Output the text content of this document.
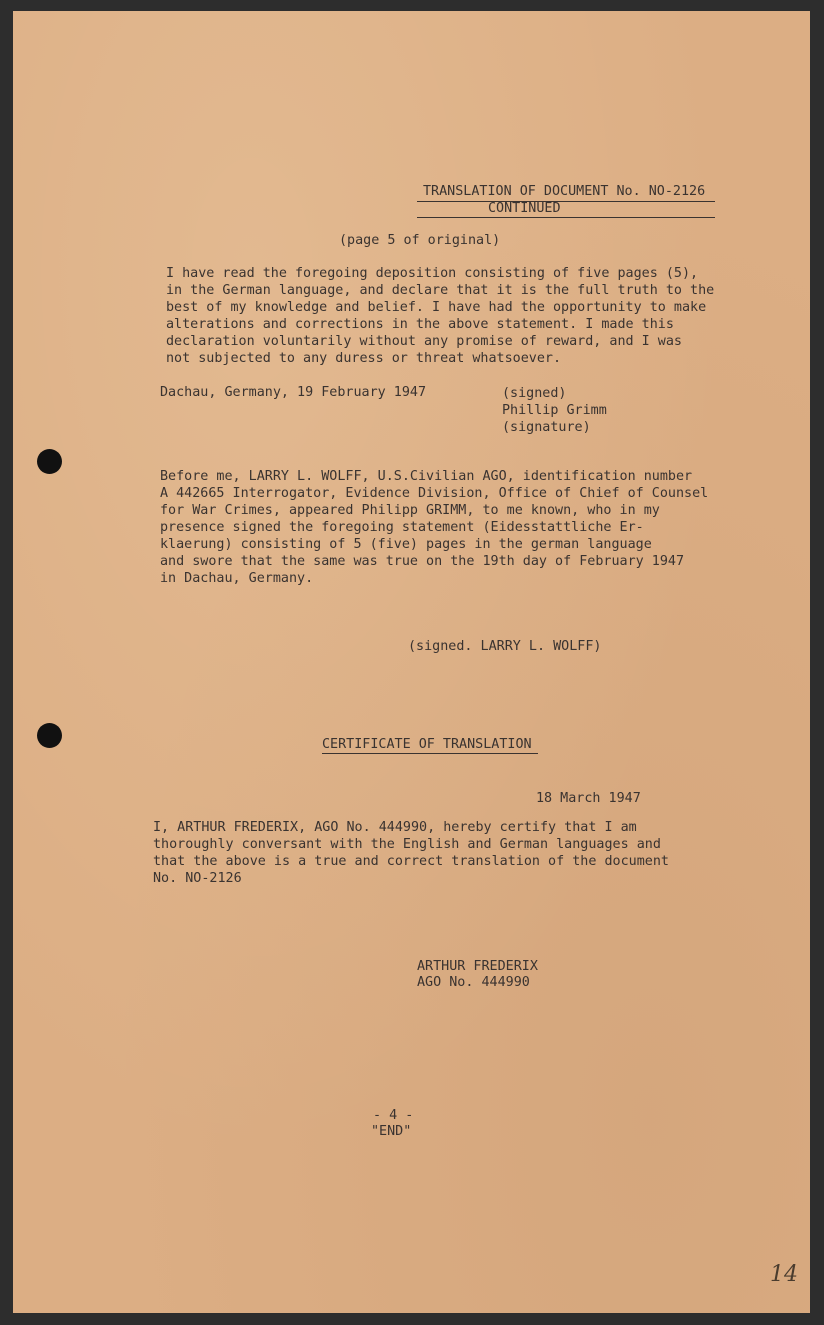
TRANSLATION OF DOCUMENT No. NO-2126
CONTINUED
(page 5 of original)
I have read the foregoing deposition consisting of five pages (5),
in the German language, and declare that it is the full truth to the
best of my knowledge and belief. I have had the opportunity to make
alterations and corrections in the above statement. I made this
declaration voluntarily without any promise of reward, and I was
not subjected to any duress or threat whatsoever.
Dachau, Germany, 19 February 1947	(signed)
Phillip Grimm
(signature)
Before me, LARRY L. WOLFF, U.S.Civilian AGO, identification number
A 442665 Interrogator, Evidence Division, Office of Chief of Counsel
for War Crimes, appeared Philipp GRIMM, to me known, who in my
presence signed the foregoing statement (Eidesstattliche Er-
klaerung) consisting of 5 (five) pages in the german language
and swore that the same was true on the 19th day of February 1947
in Dachau, Germany.
(signed. LARRY L. WOLFF)
CERTIFICATE OF TRANSLATION
18 March 1947
I, ARTHUR FREDERIX, AGO No. 444990, hereby certify that I am
thoroughly conversant with the English and German languages and
that the above is a true and correct translation of the document
No. NO-2126
ARTHUR FREDERIX
AGO No. 444990
- 4 -
"END"
14
